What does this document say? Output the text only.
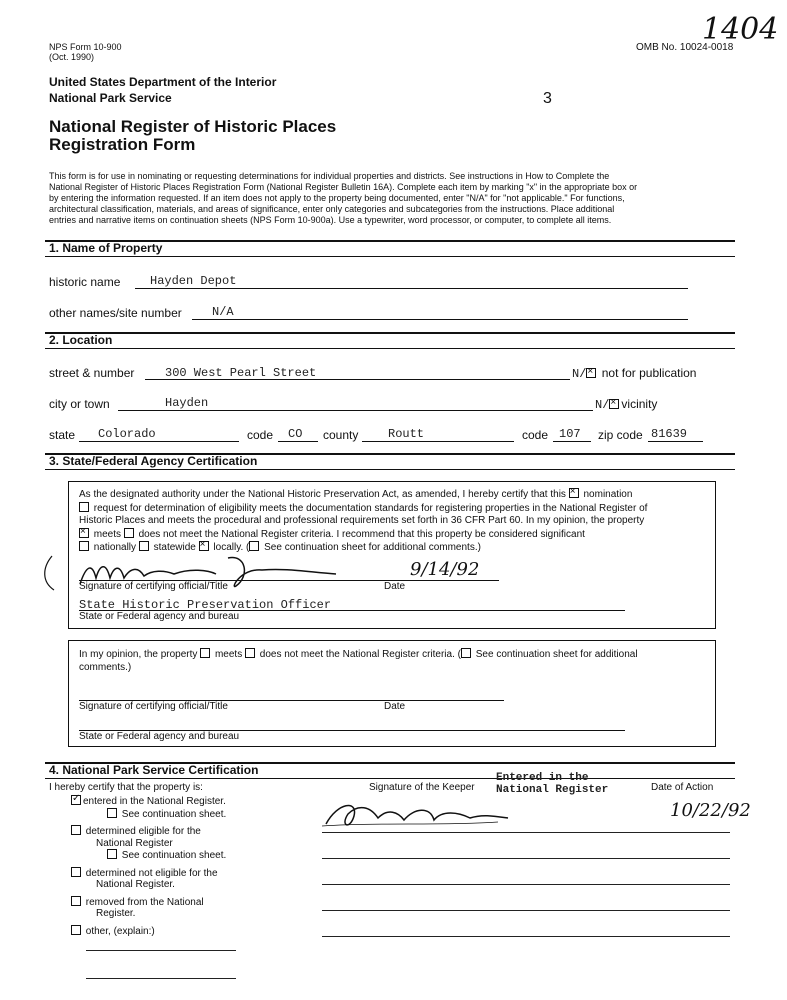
NPS Form 10-900
(Oct. 1990)
OMB No. 10024-0018
1404
3
United States Department of the Interior
National Park Service
National Register of Historic Places
Registration Form
This form is for use in nominating or requesting determinations for individual properties and districts. See instructions in How to Complete the
National Register of Historic Places Registration Form (National Register Bulletin 16A). Complete each item by marking "x" in the appropriate box or
by entering the information requested. If an item does not apply to the property being documented, enter "N/A" for "not applicable." For functions,
architectural classification, materials, and areas of significance, enter only categories and subcategories from the instructions. Place additional
entries and narrative items on continuation sheets (NPS Form 10-900a). Use a typewriter, word processor, or computer, to complete all items.
1. Name of Property
historic name Hayden Depot
other names/site number	N/A
2. Location
street & number	300 West Pearl Street	N/ × not for publication
city or town	Hayden	N/ × vicinity
state Colorado	code CO county Routt	code 107 zip code 81639
3. State/Federal Agency Certification
As the designated authority under the National Historic Preservation Act, as amended, I hereby certify that this × nomination
request for determination of eligibility meets the documentation standards for registering properties in the National Register of
Historic Places and meets the procedural and professional requirements set forth in 36 CFR Part 60. In my opinion, the property
× meets does not meet the National Register criteria. I recommend that this property be considered significant
nationally statewide × locally. ( See continuation sheet for additional comments.)
9/14/92
Signature of certifying official/Title	Date
State Historic Preservation Officer
State or Federal agency and bureau
In my opinion, the property meets does not meet the National Register criteria. ( See continuation sheet for additional
comments.)
Signature of certifying official/Title	Date
State or Federal agency and bureau
4. National Park Service Certification
I hereby certify that the property is:	Signature of the Keeper
Entered in the
National Register	Date of Action
10/22/92
✓entered in the National Register.
See continuation sheet.
determined eligible for the
National Register
See continuation sheet.
determined not eligible for the
National Register.
removed from the National
Register.
other, (explain:)
